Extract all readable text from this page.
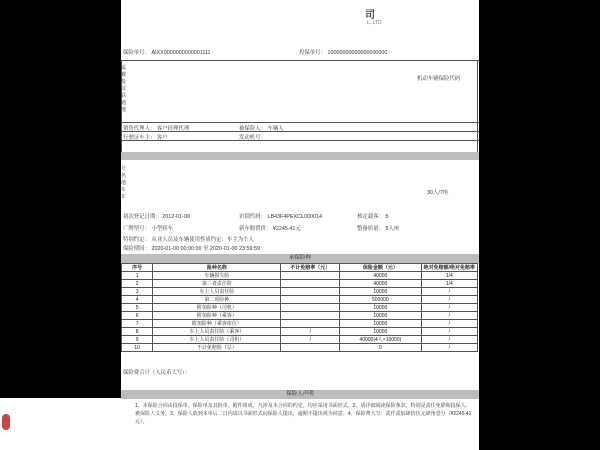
司
L.,LTD
保险单号： AIXX0000000000001111	投保单号： 10000000000000000000
属
被
投
证
联
通
地
机动车辆保险代码
销售代理人： 客户经理代理	被保险人： 车辆人
行驶证车主： 客户	发动机号：
号
名
地
车
车
30人/7座
初次登记日期： 2012-01-00	识别代码： LB43F4PEXCL000014	核定载客： 5
厂牌型号： 小型轿车	新车购置价： ¥2245.41元	整备质量： 5人座
特别约定： 从业人员及车辆使用性质约定：车主为个人
保险期间： 2020-01-00 00:00:00 至 2020-01-00 23:59:59
承保险种
序号	险种名称	不计免赔率（元）	保险金额（元）	绝对免赔额/绝对免赔率
1	车辆损失险		40000	1/4
2	第三者责任险		40000	1/4
3	车上人员责任险		10000	/
4	第二项险种		500000	/
5	附加险种（司机）		10000	/
6	附加险种（乘客）		10000	/
7	附加险种（乘客座位）		10000	/
8	车上人员责任险（乘客）	/	10000	/
9	车上人员责任险（司机）	/	40000(4人×10000)	/
10	不计免赔险（总）		0	/
保险费合计（人民币大写）：
保险人声明
1、本保险合同由投保单、保险单及其批单、附件组成，凡涉及本合同的约定，均应采用书面形式。2、请详细阅读保险条款，特别是责任免除和投保人、被保险人义务。3、保险人收到本单后二日内请以书面形式向保险人提出，逾期不提出视为同意。4、保险费大写：贰仟贰佰肆拾伍元肆角壹分（¥2245.41元）。
